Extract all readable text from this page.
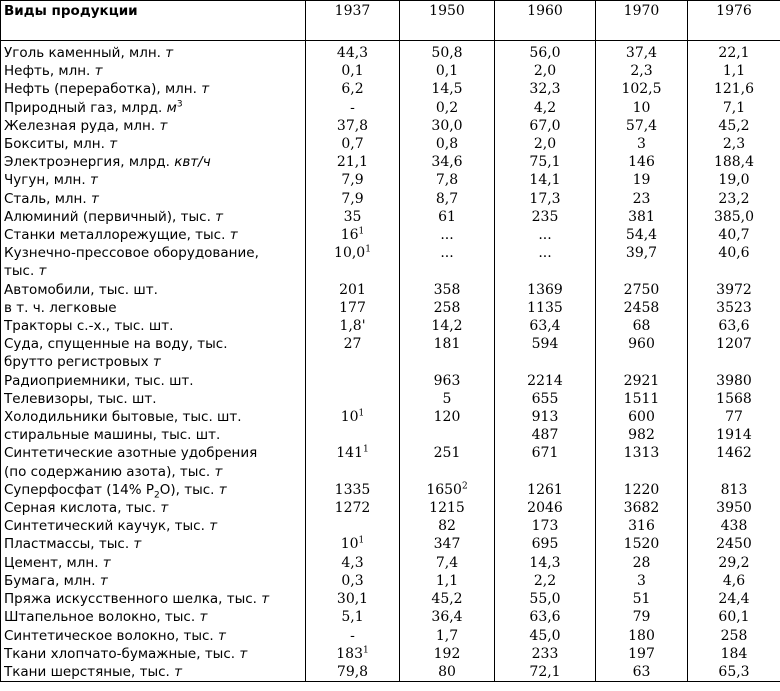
Виды продукции	1937	1950	1960	1970	1976
Уголь каменный, млн. т	44,3	50,8	56,0	37,4	22,1
Нефть, млн. т	0,1	0,1	2,0	2,3	1,1
Нефть (переработка), млн. т	6,2	14,5	32,3	102,5	121,6
Природный газ, млрд. $м^3$	-	0,2	4,2	10	7,1
Железная руда, млн. т	37,8	30,0	67,0	57,4	45,2
Бокситы, млн. т	0,7	0,8	2,0	3	2,3
Электроэнергия, млрд. квт/ч	21,1	34,6	75,1	146	188,4
Чугун, млн. т	7,9	7,8	14,1	19	19,0
Сталь, млн. т	7,9	8,7	17,3	23	23,2
Алюминий (первичный), тыс. т	35	61	235	381	385,0
Станки металлорежущие, тыс. т	$16^1$	...	...	54,4	40,7
Кузнечно-прессовое оборудование,
тыс. т	10,0$^1$	...	...	39,7	40,6
Автомобили, тыс. шт.	201	358	1369	2750	3972
в т. ч. легковые	177	258	1135	2458	3523
Тракторы с.-х., тыс. шт.	1,8'	14,2	63,4	68	63,6
Суда, спущенные на воду, тыс.
брутто регистровых т	27	181	594	960	1207
Радиоприемники, тыс. шт.		963	2214	2921	3980
Телевизоры, тыс. шт.		5	655	1511	1568
Холодильники бытовые, тыс. шт.	$10^1$	120	913	600	77
стиральные машины, тыс. шт.			487	982	1914
Синтетические азотные удобрения
(по содержанию азота), тыс. т	$141^1$	251	671	1313	1462
Суперфосфат (14% $P_2O$), тыс. т	1335	1650$^2$	1261	1220	813
Серная кислота, тыс. т	1272	1215	2046	3682	3950
Синтетический каучук, тыс. т		82	173	316	438
Пластмассы, тыс. т	$10^1$	347	695	1520	2450
Цемент, млн. т	4,3	7,4	14,3	28	29,2
Бумага, млн. т	0,3	1,1	2,2	3	4,6
Пряжа искусственного шелка, тыс. т	30,1	45,2	55,0	51	24,4
Штапельное волокно, тыс. т	5,1	36,4	63,6	79	60,1
Синтетическое волокно, тыс. т	-	1,7	45,0	180	258
Ткани хлопчато-бумажные, тыс. т	$183^1$	192	233	197	184
Ткани шерстяные, тыс. т	79,8	80	72,1	63	65,3
